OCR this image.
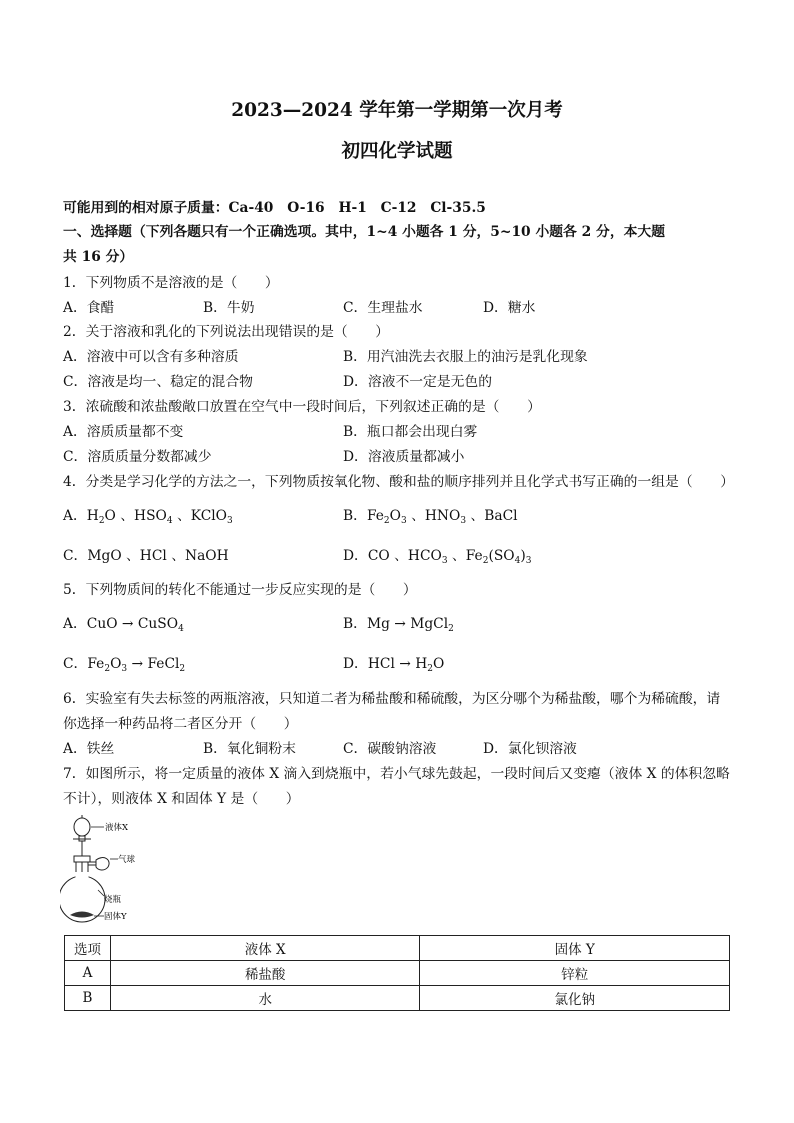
2023—2024 学年第一学期第一次月考
初四化学试题
可能用到的相对原子质量：Ca-40　O-16　H-1　C-12　Cl-35.5
一、选择题（下列各题只有一个正确选项。其中，1~4 小题各 1 分，5~10 小题各 2 分，本大题
共 16 分）
1．下列物质不是溶液的是（　　）
A．食醋	B．牛奶	C．生理盐水	D．糖水
2．关于溶液和乳化的下列说法出现错误的是（　　）
A．溶液中可以含有多种溶质	B．用汽油洗去衣服上的油污是乳化现象
C．溶液是均一、稳定的混合物	D．溶液不一定是无色的
3．浓硫酸和浓盐酸敞口放置在空气中一段时间后，下列叙述正确的是（　　）
A．溶质质量都不变	B．瓶口都会出现白雾
C．溶质质量分数都减少	D．溶液质量都减小
4．分类是学习化学的方法之一，下列物质按氧化物、酸和盐的顺序排列并且化学式书写正确的一组是（　　）
A．$H_2O$ 、$HSO_4$ 、KClO$_3$	B．$Fe_2O_3$ 、$HNO_3$ 、BaCl
C．MgO 、HCl 、NaOH	D．CO 、$HCO_3$ 、$Fe_2(SO_4)_3$
5．下列物质间的转化不能通过一步反应实现的是（　　）
A．CuO → CuSO$_4$	B．Mg → MgCl$_2$
C．$Fe_2O_3$ → FeCl$_2$	D．HCl → $H_2O$
6．实验室有失去标签的两瓶溶液，只知道二者为稀盐酸和稀硫酸，为区分哪个为稀盐酸，哪个为稀硫酸，请
你选择一种药品将二者区分开（　　）
A．铁丝	B．氧化铜粉末	C．碳酸钠溶液	D．氯化钡溶液
7．如图所示，将一定质量的液体 X 滴入到烧瓶中，若小气球先鼓起，一段时间后又变瘪（液体 X 的体积忽略
不计），则液体 X 和固体 Y 是（　　）
液体X
气球
烧瓶
固体Y
选项	液体 X	固体 Y
A	稀盐酸	锌粒
B	水	氯化钠
